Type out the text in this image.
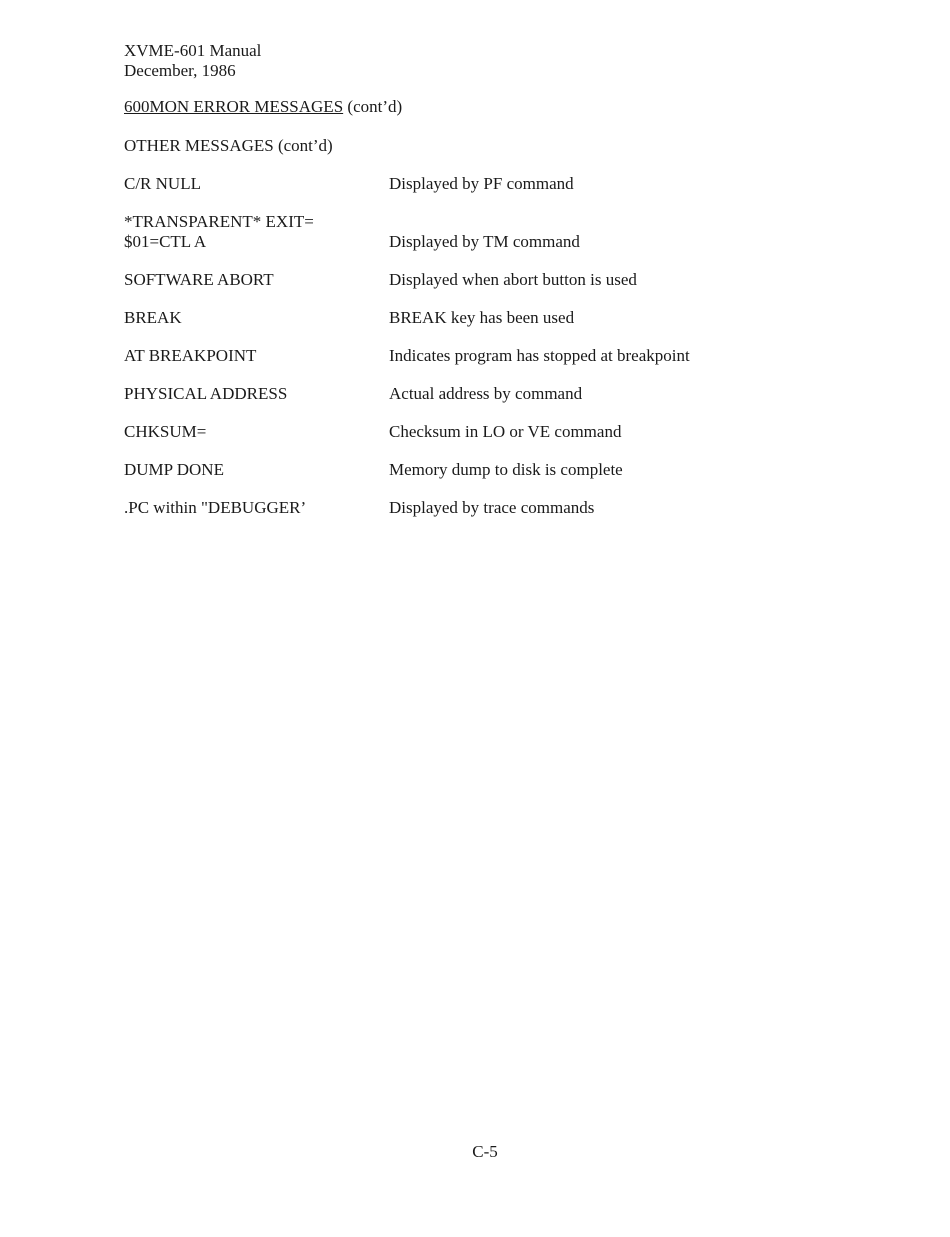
XVME-601 Manual
December, 1986
600MON ERROR MESSAGES (cont’d)
OTHER MESSAGES (cont’d)
C/R NULL	Displayed by PF command
*TRANSPARENT* EXIT=
$01=CTL A	Displayed by TM command
SOFTWARE ABORT	Displayed when abort button is used
BREAK	BREAK key has been used
AT BREAKPOINT	Indicates program has stopped at breakpoint
PHYSICAL ADDRESS	Actual address by command
CHKSUM=	Checksum in LO or VE command
DUMP DONE	Memory dump to disk is complete
.PC within "DEBUGGER’	Displayed by trace commands
C-5
